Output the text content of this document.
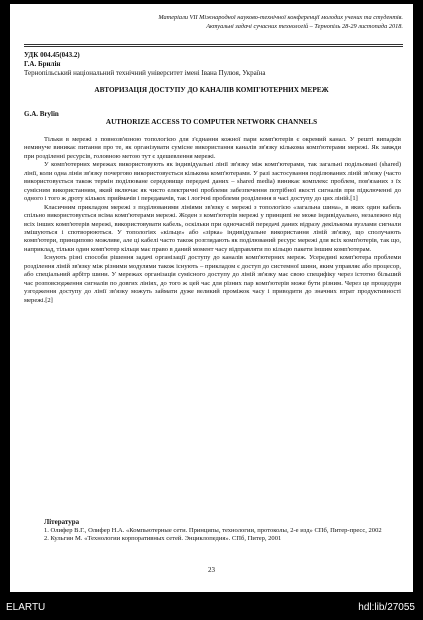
Матеріали VII Міжнародної науково-технічної конференції молодих учених та студентів.
Актуальні задачі сучасних технологій – Тернопіль 28-29 листопада 2018.
УДК 004.45(043.2)
Г.А. Брилін
Тернопільський національний технічний університет імені Івана Пулюя, Україна
АВТОРИЗАЦІЯ ДОСТУПУ ДО КАНАЛІВ КОМП'ЮТЕРНИХ МЕРЕЖ
G.A. Brylin
AUTHORIZE ACCESS TO COMPUTER NETWORK CHANNELS

Тільки в мережі з повнозв'язною топологією для з'єднання кожної пари комп'ютерів є окремий канал. У решті випадків неминуче виникає питання про те, як організувати сумісне використання каналів зв'язку кількома комп'ютерами мережі. Як завжди при розділенні ресурсів, головною метою тут є здешевлення мережі.

У комп'ютерних мережах використовують як індивідуальні лінії зв'язку між комп'ютерами, так загальні подільовані (shared) лінії, коли одна лінія зв'язку почергово використовується кількома комп'ютерами. У разі застосування поділюваних ліній зв'язку (часто використовується також термін поділюване середовище передачі даних – shared media) виникає комплекс проблем, пов'язаних з їх сумісним використанням, який включає як чисто електричні проблеми забезпечення потрібної якості сигналів при підключенні до одного і того ж дроту кількох приймачів і передавачів, так і логічні проблеми розділення в часі доступу до цих ліній.[1]

Класичним прикладом мережі з поділюваними лініями зв'язку є мережі з топологією «загальна шина», в яких один кабель спільно використовується всіма комп'ютерами мережі. Жоден з комп'ютерів мережі у принципі не може індивідуально, незалежно від всіх інших комп'ютерів мережі, використовувати кабель, оскільки при одночасній передачі даних відразу декількома вузлами сигнали змішуються і спотворюються. У топологіях «кільце» або «зірка» індивідуальне використання ліній зв'язку, що сполучають комп'ютери, принципово можливе, але ці кабелі часто також розглядають як поділюваний ресурс мережі для всіх комп'ютерів, так що, наприклад, тільки один комп'ютер кільця має право в даний момент часу відправляти по кільцю пакети іншим комп'ютерам.

Існують різні способи рішення задачі організації доступу до каналів комп'ютерних мереж. Усередині комп'ютера проблеми розділення ліній зв'язку між різними модулями також існують – прикладом є доступ до системної шини, яким управляє або процесор, або спеціальний арбітр шини. У мережах організація сумісного доступу до ліній зв'язку має свою специфіку через істотно більший час розповсюдження сигналів по довгих лініях, до того ж цей час для різних пар комп'ютерів може бути різним. Через це процедури узгодження доступу до лінії зв'язку можуть займати дуже великий проміжок часу і приводити до значних втрат продуктивності мережі.[2]

Література

1. Олифер В.Г., Олифер Н.А. «Компьютерные сети. Принципы, технологии, протоколы, 2-е изд» СПб, Питер-пресс, 2002

2. Кульгин М. «Технологии корпоративных сетей. Энциклопедия». СПб, Питер, 2001

23
ELARTU	hdl:lib/27055
